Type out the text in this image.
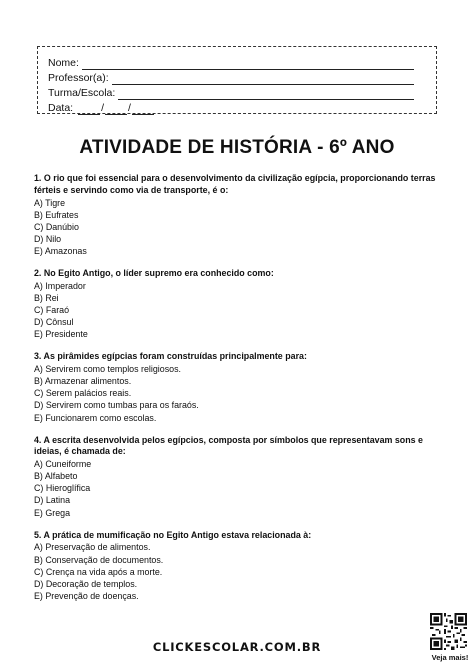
Nome:
Professor(a):
Turma/Escola:
Data:	/ /
ATIVIDADE DE HISTÓRIA - 6º ANO
1. O rio que foi essencial para o desenvolvimento da civilização egípcia, proporcionando terras férteis e servindo como via de transporte, é o:
A) Tigre
B) Eufrates
C) Danúbio
D) Nilo
E) Amazonas
2. No Egito Antigo, o líder supremo era conhecido como:
A) Imperador
B) Rei
C) Faraó
D) Cônsul
E) Presidente
3. As pirâmides egípcias foram construídas principalmente para:
A) Servirem como templos religiosos.
B) Armazenar alimentos.
C) Serem palácios reais.
D) Servirem como tumbas para os faraós.
E) Funcionarem como escolas.
4. A escrita desenvolvida pelos egípcios, composta por símbolos que representavam sons e ideias, é chamada de:
A) Cuneiforme
B) Alfabeto
C) Hieroglífica
D) Latina
E) Grega
5. A prática de mumificação no Egito Antigo estava relacionada à:
A) Preservação de alimentos.
B) Conservação de documentos.
C) Crença na vida após a morte.
D) Decoração de templos.
E) Prevenção de doenças.
CLICKESCOLAR.COM.BR
Veja mais!
